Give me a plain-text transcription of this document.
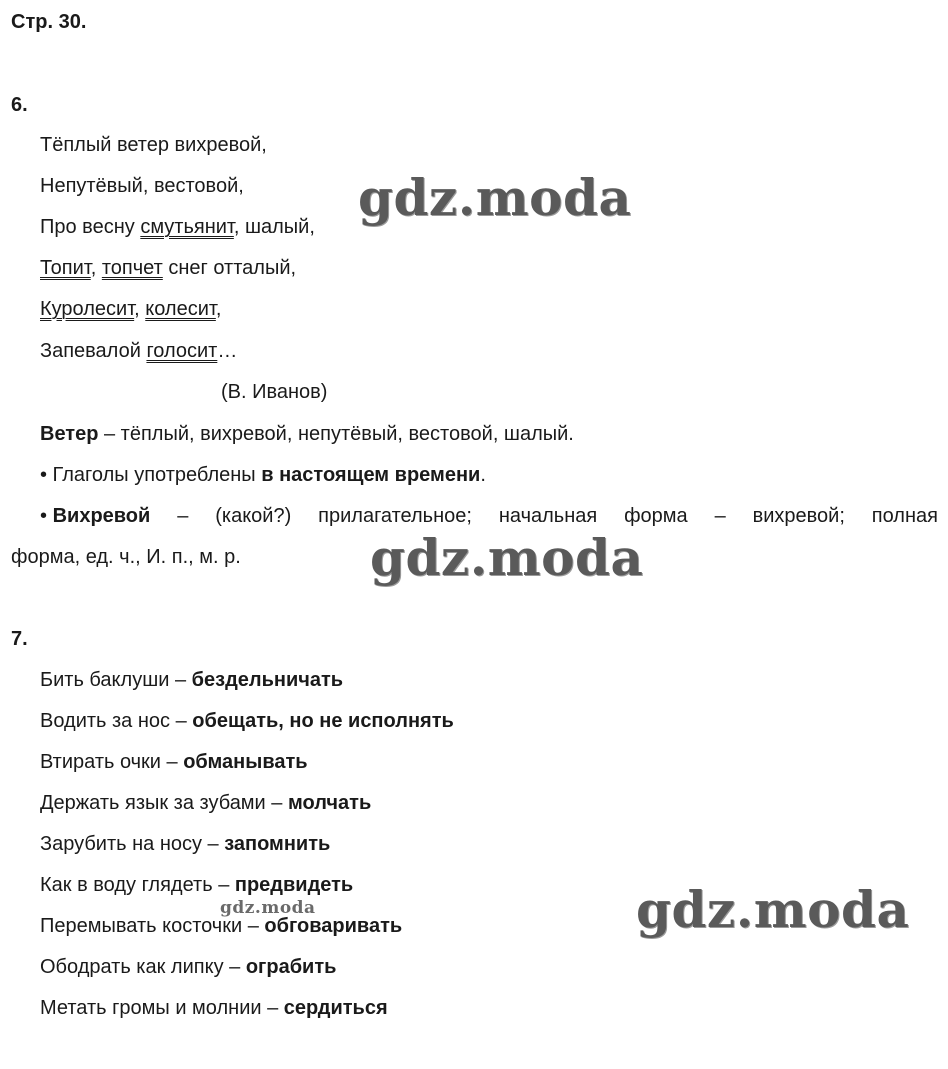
Стр. 30.
6.
Тёплый ветер вихревой,
Непутёвый, вестовой,
Про весну смутьянит, шалый,
Топит, топчет снег отталый,
Куролесит, колесит,
Запевалой голосит…
(В. Иванов)
Ветер – тёплый, вихревой, непутёвый, вестовой, шалый.
• Глаголы употреблены в настоящем времени.
• Вихревой – (какой?) прилагательное; начальная форма – вихревой; полная
форма, ед. ч., И. п., м. р.
7.
Бить баклуши – бездельничать
Водить за нос – обещать, но не исполнять
Втирать очки – обманывать
Держать язык за зубами – молчать
Зарубить на носу – запомнить
Как в воду глядеть – предвидеть
Перемывать косточки – обговаривать
Ободрать как липку – ограбить
Метать громы и молнии – сердиться
gdz.moda
gdz.moda
gdz.moda
gdz.moda
